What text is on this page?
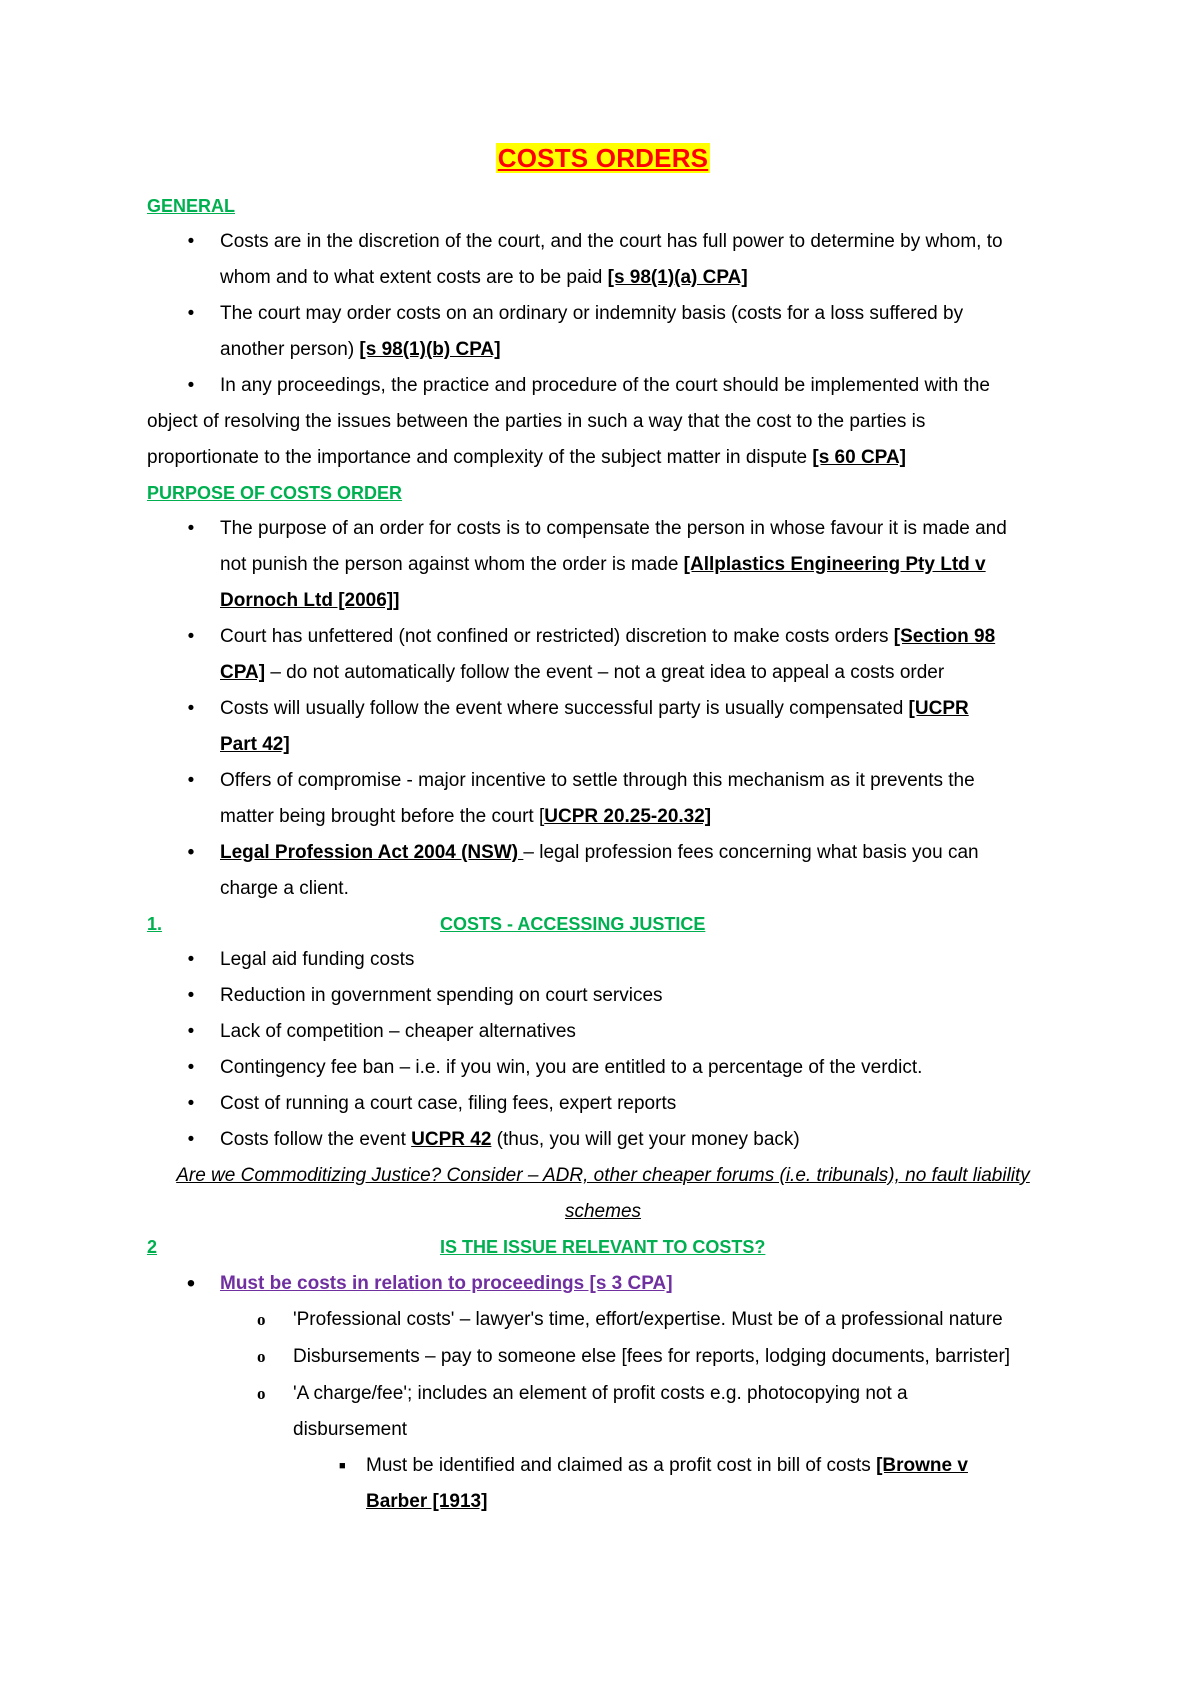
COSTS ORDERS
GENERAL
• Costs are in the discretion of the court, and the court has full power to determine by whom, to
whom and to what extent costs are to be paid [s 98(1)(a) CPA]
• The court may order costs on an ordinary or indemnity basis (costs for a loss suffered by
another person) [s 98(1)(b) CPA]
• In any proceedings, the practice and procedure of the court should be implemented with the
object of resolving the issues between the parties in such a way that the cost to the parties is
proportionate to the importance and complexity of the subject matter in dispute [s 60 CPA]
PURPOSE OF COSTS ORDER
• The purpose of an order for costs is to compensate the person in whose favour it is made and
not punish the person against whom the order is made [Allplastics Engineering Pty Ltd v
Dornoch Ltd [2006]]
• Court has unfettered (not confined or restricted) discretion to make costs orders [Section 98
CPA] – do not automatically follow the event – not a great idea to appeal a costs order
• Costs will usually follow the event where successful party is usually compensated [UCPR
Part 42]
• Offers of compromise - major incentive to settle through this mechanism as it prevents the
matter being brought before the court [UCPR 20.25-20.32]
• Legal Profession Act 2004 (NSW) – legal profession fees concerning what basis you can
charge a client.
1.	COSTS - ACCESSING JUSTICE
• Legal aid funding costs
• Reduction in government spending on court services
• Lack of competition – cheaper alternatives
• Contingency fee ban – i.e. if you win, you are entitled to a percentage of the verdict.
• Cost of running a court case, filing fees, expert reports
• Costs follow the event UCPR 42 (thus, you will get your money back)
Are we Commoditizing Justice? Consider – ADR, other cheaper forums (i.e. tribunals), no fault liability
schemes
2	IS THE ISSUE RELEVANT TO COSTS?
• Must be costs in relation to proceedings [s 3 CPA]
o 'Professional costs' – lawyer's time, effort/expertise. Must be of a professional nature
o Disbursements – pay to someone else [fees for reports, lodging documents, barrister]
o 'A charge/fee'; includes an element of profit costs e.g. photocopying not a
disbursement
■ Must be identified and claimed as a profit cost in bill of costs [Browne v
Barber [1913]
